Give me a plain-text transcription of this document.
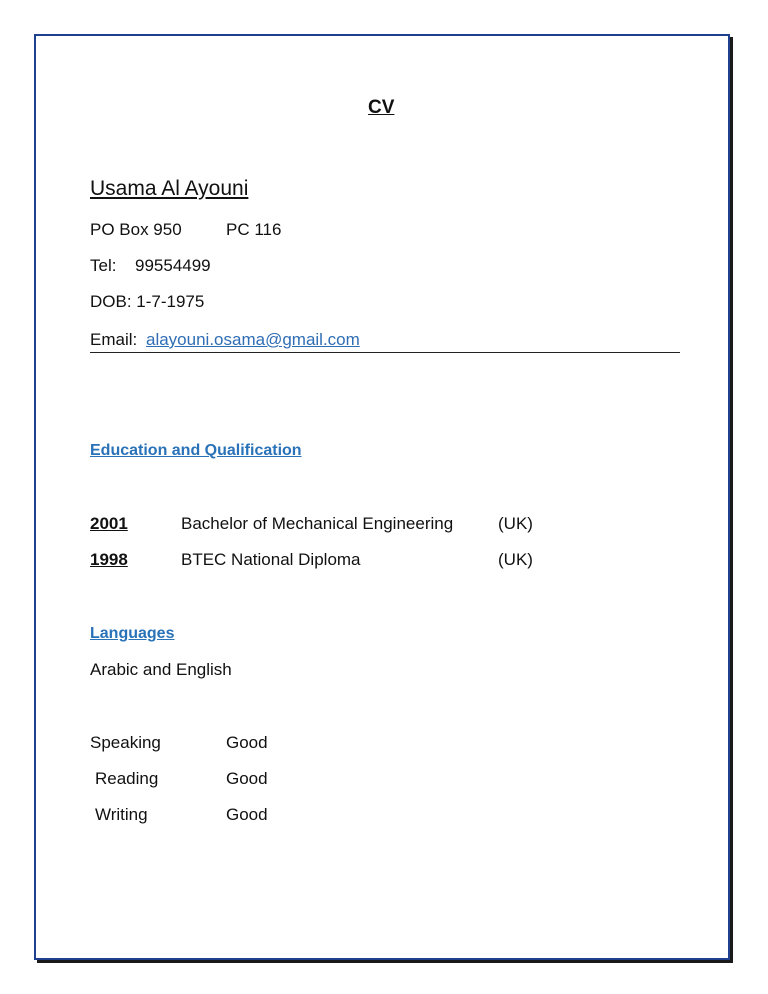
CV
Usama Al Ayouni
PO Box 950	PC 116
Tel: 99554499
DOB: 1-7-1975
Email: alayouni.osama@gmail.com
Education and Qualification
2001	Bachelor of Mechanical Engineering	(UK)
1998	BTEC National Diploma	(UK)
Languages
Arabic and English
Speaking	Good
Reading	Good
Writing	Good
